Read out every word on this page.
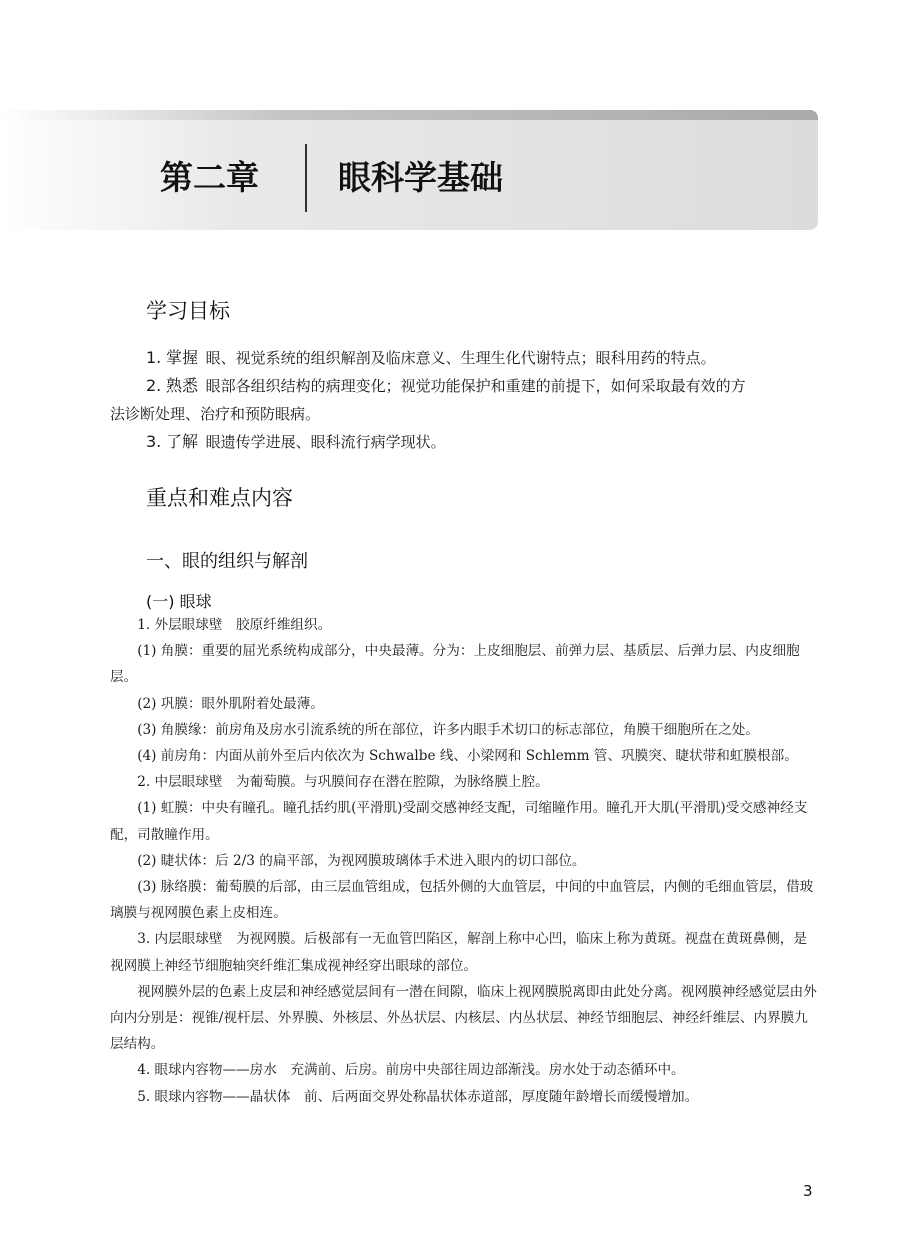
第二章 眼科学基础
学习目标
1. 掌握  眼、视觉系统的组织解剖及临床意义、生理生化代谢特点；眼科用药的特点。
2. 熟悉  眼部各组织结构的病理变化；视觉功能保护和重建的前提下，如何采取最有效的方
法诊断处理、治疗和预防眼病。
3. 了解  眼遗传学进展、眼科流行病学现状。
重点和难点内容
一、眼的组织与解剖
(一) 眼球

1. 外层眼球壁　胶原纤维组织。

(1) 角膜：重要的屈光系统构成部分，中央最薄。分为：上皮细胞层、前弹力层、基质层、后弹力层、内皮细胞层。

(2) 巩膜：眼外肌附着处最薄。

(3) 角膜缘：前房角及房水引流系统的所在部位，许多内眼手术切口的标志部位，角膜干细胞所在之处。

(4) 前房角：内面从前外至后内依次为 Schwalbe 线、小梁网和 Schlemm 管、巩膜突、睫状带和虹膜根部。

2. 中层眼球壁　为葡萄膜。与巩膜间存在潜在腔隙，为脉络膜上腔。

(1) 虹膜：中央有瞳孔。瞳孔括约肌(平滑肌)受副交感神经支配，司缩瞳作用。瞳孔开大肌(平滑肌)受交感神经支配，司散瞳作用。

(2) 睫状体：后 2/3 的扁平部，为视网膜玻璃体手术进入眼内的切口部位。

(3) 脉络膜：葡萄膜的后部，由三层血管组成，包括外侧的大血管层，中间的中血管层，内侧的毛细血管层，借玻璃膜与视网膜色素上皮相连。

3. 内层眼球壁　为视网膜。后极部有一无血管凹陷区，解剖上称中心凹，临床上称为黄斑。视盘在黄斑鼻侧，是视网膜上神经节细胞轴突纤维汇集成视神经穿出眼球的部位。

视网膜外层的色素上皮层和神经感觉层间有一潜在间隙，临床上视网膜脱离即由此处分离。视网膜神经感觉层由外向内分别是：视锥/视杆层、外界膜、外核层、外丛状层、内核层、内丛状层、神经节细胞层、神经纤维层、内界膜九层结构。

4. 眼球内容物——房水　充满前、后房。前房中央部往周边部渐浅。房水处于动态循环中。

5. 眼球内容物——晶状体　前、后两面交界处称晶状体赤道部，厚度随年龄增长而缓慢增加。

3
